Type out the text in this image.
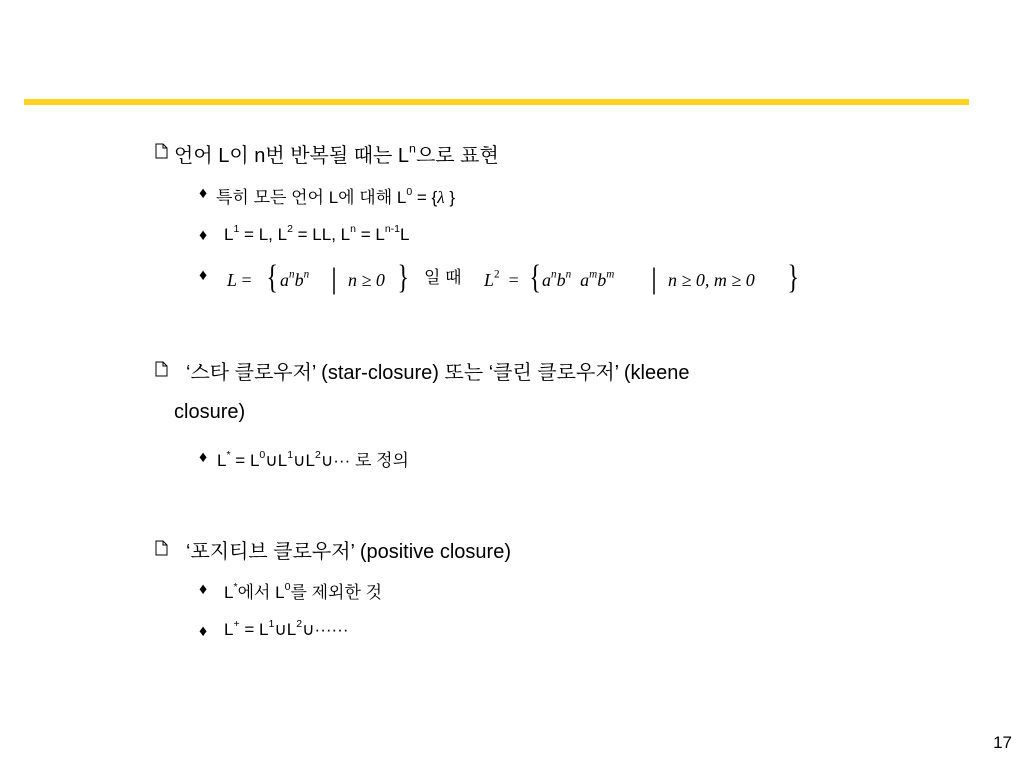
언어 L이 n번 반복될 때는 $L^n$으로 표현
♦ 특히 모든 언어 L에 대해 $L^0 = \{\lambda$ }
♦ $L^1 = L$, $L^2$ = LL, $L^n = L^{n-1}L$
♦ L = { $a^nb^n$ | n ≥ 0 } 일 때 $L^2$ = { $a^nb^n$ $a^mb^m$ | n ≥ 0, m ≥ 0 }
‘스타 클로우저’ (star-closure) 또는 ‘클린 클로우저’ (kleene
closure)
♦ $L^* = L^0\cup L^1\cup L^2\cup\cdot\cdot\cdot$ 로 정의
‘포지티브 클로우저’ (positive closure)
♦ L*에서 $L^0$를 제외한 것
♦ $L^+ = L^1\cup L^2\cup\cdot\cdot\cdot\cdot\cdot\cdot$
17
